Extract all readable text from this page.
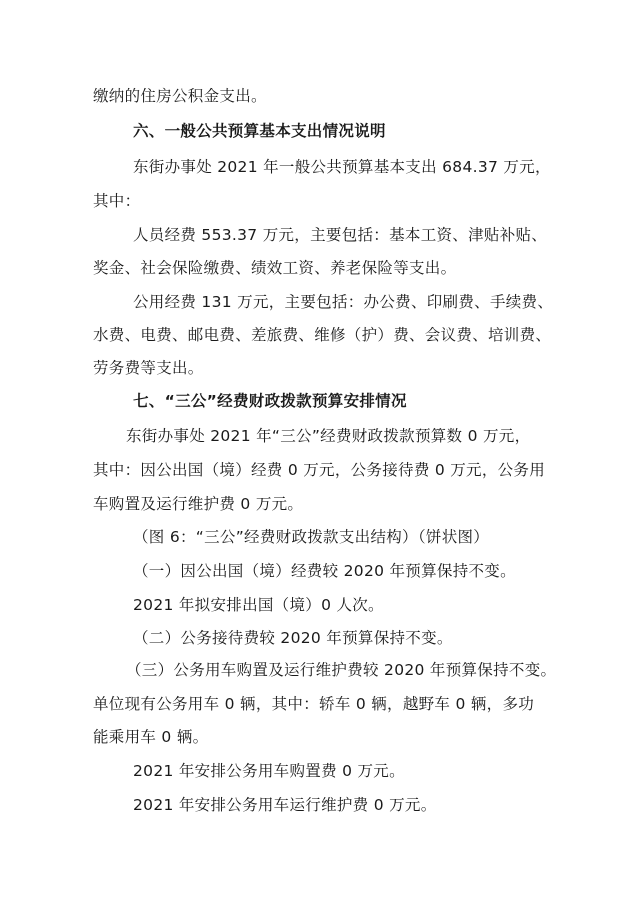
缴纳的住房公积金支出。
六、一般公共预算基本支出情况说明
东街办事处 2021 年一般公共预算基本支出 684.37 万元，
其中：
人员经费 553.37 万元，主要包括：基本工资、津贴补贴、
奖金、社会保险缴费、绩效工资、养老保险等支出。
公用经费 131 万元，主要包括：办公费、印刷费、手续费、
水费、电费、邮电费、差旅费、维修（护）费、会议费、培训费、
劳务费等支出。
七、“三公”经费财政拨款预算安排情况
东街办事处 2021 年“三公”经费财政拨款预算数 0 万元，
其中：因公出国（境）经费 0 万元，公务接待费 0 万元，公务用
车购置及运行维护费 0 万元。
（图 6：“三公”经费财政拨款支出结构）（饼状图）
（一）因公出国（境）经费较 2020 年预算保持不变。
2021 年拟安排出国（境）0 人次。
（二）公务接待费较 2020 年预算保持不变。
（三）公务用车购置及运行维护费较 2020 年预算保持不变。
单位现有公务用车 0 辆，其中：轿车 0 辆，越野车 0 辆，多功
能乘用车 0 辆。
2021 年安排公务用车购置费 0 万元。
2021 年安排公务用车运行维护费 0 万元。
